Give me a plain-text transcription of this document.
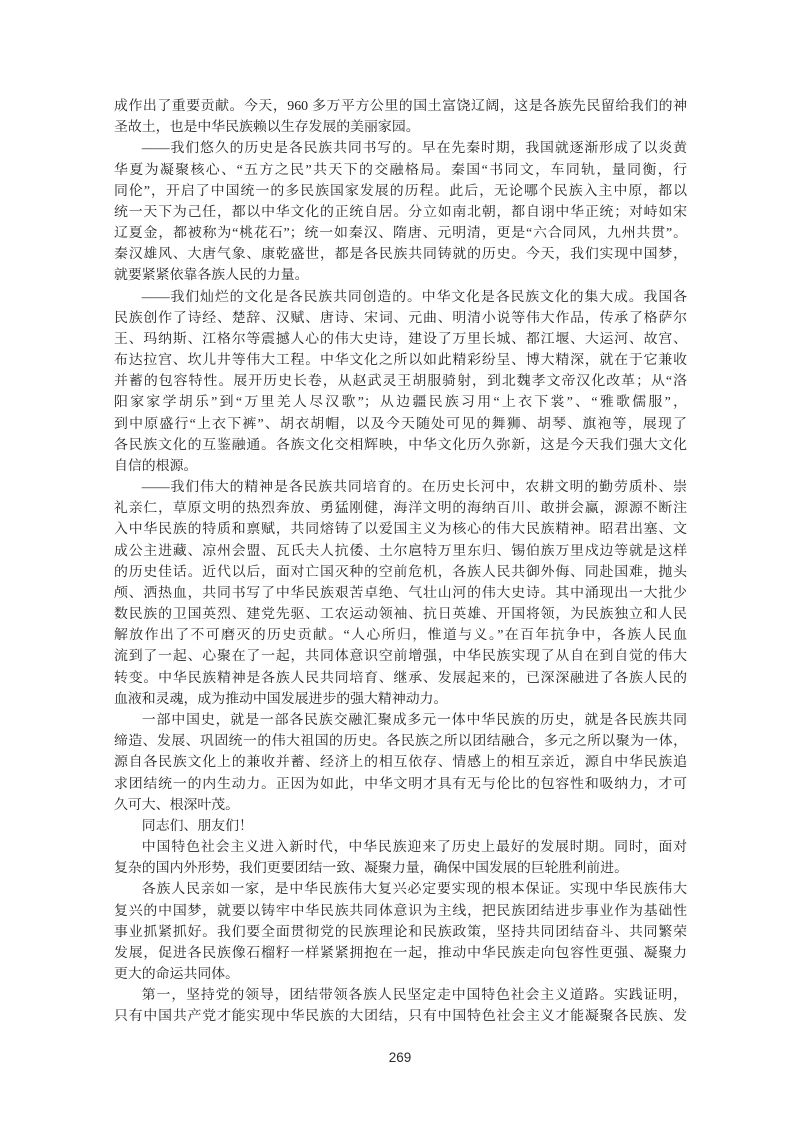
成作出了重要贡献。今天，960 多万平方公里的国土富饶辽阔，这是各族先民留给我们的神
圣故土，也是中华民族赖以生存发展的美丽家园。
——我们悠久的历史是各民族共同书写的。早在先秦时期，我国就逐渐形成了以炎黄
华夏为凝聚核心、“五方之民”共天下的交融格局。秦国“书同文，车同轨，量同衡，行
同伦”，开启了中国统一的多民族国家发展的历程。此后，无论哪个民族入主中原，都以
统一天下为己任，都以中华文化的正统自居。分立如南北朝，都自诩中华正统；对峙如宋
辽夏金，都被称为“桃花石”；统一如秦汉、隋唐、元明清，更是“六合同风，九州共贯”。
秦汉雄风、大唐气象、康乾盛世，都是各民族共同铸就的历史。今天，我们实现中国梦，
就要紧紧依靠各族人民的力量。
——我们灿烂的文化是各民族共同创造的。中华文化是各民族文化的集大成。我国各
民族创作了诗经、楚辞、汉赋、唐诗、宋词、元曲、明清小说等伟大作品，传承了格萨尔
王、玛纳斯、江格尔等震撼人心的伟大史诗，建设了万里长城、都江堰、大运河、故宫、
布达拉宫、坎儿井等伟大工程。中华文化之所以如此精彩纷呈、博大精深，就在于它兼收
并蓄的包容特性。展开历史长卷，从赵武灵王胡服骑射，到北魏孝文帝汉化改革；从“洛
阳家家学胡乐”到“万里羌人尽汉歌”；从边疆民族习用“上衣下裳”、“雅歌儒服”，
到中原盛行“上衣下裤”、胡衣胡帽，以及今天随处可见的舞狮、胡琴、旗袍等，展现了
各民族文化的互鉴融通。各族文化交相辉映，中华文化历久弥新，这是今天我们强大文化
自信的根源。
——我们伟大的精神是各民族共同培育的。在历史长河中，农耕文明的勤劳质朴、崇
礼亲仁，草原文明的热烈奔放、勇猛刚健，海洋文明的海纳百川、敢拼会赢，源源不断注
入中华民族的特质和禀赋，共同熔铸了以爱国主义为核心的伟大民族精神。昭君出塞、文
成公主进藏、凉州会盟、瓦氏夫人抗倭、土尔扈特万里东归、锡伯族万里戍边等就是这样
的历史佳话。近代以后，面对亡国灭种的空前危机，各族人民共御外侮、同赴国难，抛头
颅、洒热血，共同书写了中华民族艰苦卓绝、气壮山河的伟大史诗。其中涌现出一大批少
数民族的卫国英烈、建党先驱、工农运动领袖、抗日英雄、开国将领，为民族独立和人民
解放作出了不可磨灭的历史贡献。“人心所归，惟道与义。”在百年抗争中，各族人民血
流到了一起、心聚在了一起，共同体意识空前增强，中华民族实现了从自在到自觉的伟大
转变。中华民族精神是各族人民共同培育、继承、发展起来的，已深深融进了各族人民的
血液和灵魂，成为推动中国发展进步的强大精神动力。
一部中国史，就是一部各民族交融汇聚成多元一体中华民族的历史，就是各民族共同
缔造、发展、巩固统一的伟大祖国的历史。各民族之所以团结融合，多元之所以聚为一体，
源自各民族文化上的兼收并蓄、经济上的相互依存、情感上的相互亲近，源自中华民族追
求团结统一的内生动力。正因为如此，中华文明才具有无与伦比的包容性和吸纳力，才可
久可大、根深叶茂。
同志们、朋友们！
中国特色社会主义进入新时代，中华民族迎来了历史上最好的发展时期。同时，面对
复杂的国内外形势，我们更要团结一致、凝聚力量，确保中国发展的巨轮胜利前进。
各族人民亲如一家，是中华民族伟大复兴必定要实现的根本保证。实现中华民族伟大
复兴的中国梦，就要以铸牢中华民族共同体意识为主线，把民族团结进步事业作为基础性
事业抓紧抓好。我们要全面贯彻党的民族理论和民族政策，坚持共同团结奋斗、共同繁荣
发展，促进各民族像石榴籽一样紧紧拥抱在一起，推动中华民族走向包容性更强、凝聚力
更大的命运共同体。
第一，坚持党的领导，团结带领各族人民坚定走中国特色社会主义道路。实践证明，
只有中国共产党才能实现中华民族的大团结，只有中国特色社会主义才能凝聚各民族、发
269
